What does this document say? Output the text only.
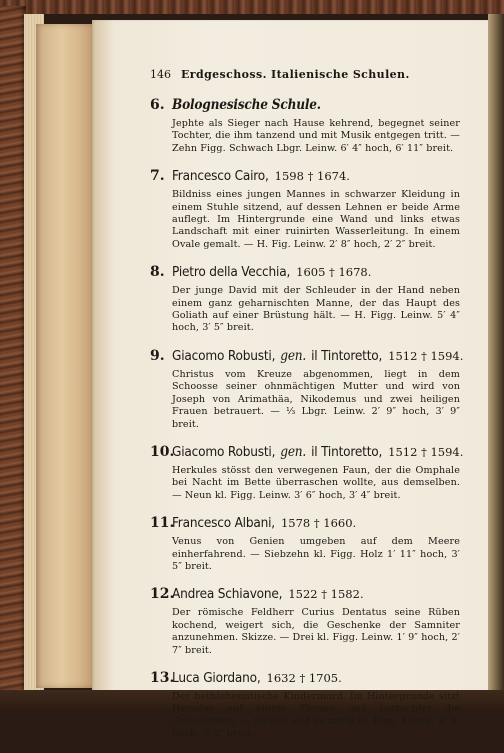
146 Erdgeschoss. Italienische Schulen.
6. Bolognesische Schule.
Jephte als Sieger nach Hause kehrend, begegnet seiner Tochter, die ihm tanzend und mit Musik entgegen tritt. — Zehn Figg. Schwach Lbgr. Leinw. 6′ 4″ hoch, 6′ 11″ breit.
7. Francesco Cairo, 1598 † 1674.
Bildniss eines jungen Mannes in schwarzer Kleidung in einem Stuhle sitzend, auf dessen Lehnen er beide Arme auflegt. Im Hintergrunde eine Wand und links etwas Landschaft mit einer ruinirten Wasserleitung. In einem Ovale gemalt. — H. Fig. Leinw. 2′ 8″ hoch, 2′ 2″ breit.
8. Pietro della Vecchia, 1605 † 1678.
Der junge David mit der Schleuder in der Hand neben einem ganz geharnischten Manne, der das Haupt des Goliath auf einer Brüstung hält. — H. Figg. Leinw. 5′ 4″ hoch, 3′ 5″ breit.
9. Giacomo Robusti, gen. il Tintoretto, 1512 † 1594.
Christus vom Kreuze abgenommen, liegt in dem Schoosse seiner ohnmächtigen Mutter und wird von Joseph von Arimathäa, Nikodemus und zwei heiligen Frauen betrauert. — ⅓ Lbgr. Leinw. 2′ 9″ hoch, 3′ 9″ breit.
10.
Giacomo Robusti, gen. il Tintoretto, 1512 † 1594.
Herkules stösst den verwegenen Faun, der die Omphale bei Nacht im Bette überraschen wollte, aus demselben. — Neun kl. Figg. Leinw. 3′ 6″ hoch, 3′ 4″ breit.
11.
Francesco Albani, 1578 † 1660.
Venus von Genien umgeben auf dem Meere einherfahrend. — Siebzehn kl. Figg. Holz 1′ 11″ hoch, 3′ 5″ breit.
12.
Andrea Schiavone, 1522 † 1582.
Der römische Feldherr Curius Dentatus seine Rüben kochend, weigert sich, die Geschenke der Samniter anzunehmen. Skizze. — Drei kl. Figg. Leinw. 1′ 9″ hoch, 2′ 7″ breit.
13.
Luca Giordano, 1632 † 1705.
Der bethlehemitische Kindermord. Im Hintergrunde sitzt Herodes auf einem Throne und betrachtet die Gräuelscene. — Sieben und zwanzig kl. Figg. Leinw. 2′ 3″ hoch, 3′ 2″ breit.
